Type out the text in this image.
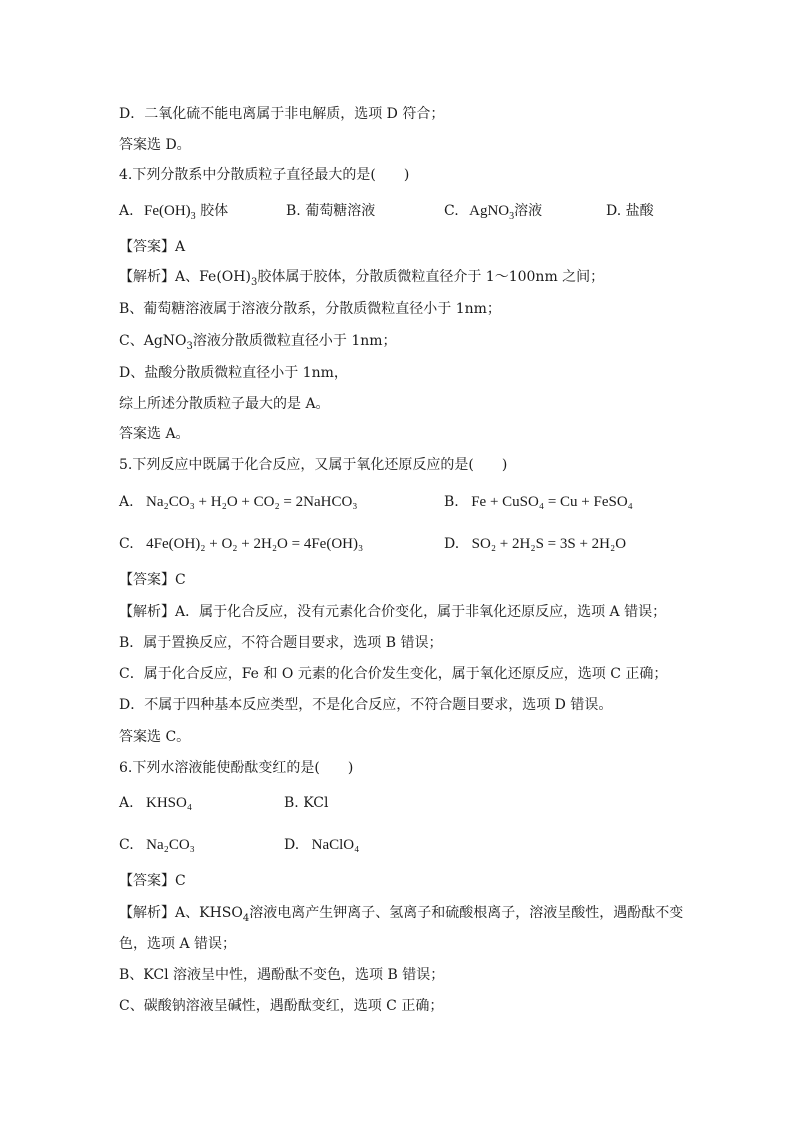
D．二氧化硫不能电离属于非电解质，选项 D 符合；
答案选 D。
4.下列分散系中分散质粒子直径最大的是(　　)
A. $Fe(OH)_3$ 胶体	B. 葡萄糖溶液	C. AgNO$_3$溶液	D. 盐酸
【答案】A
【解析】A、$Fe(OH)_3$胶体属于胶体，分散质微粒直径介于 1～100nm 之间；
B、葡萄糖溶液属于溶液分散系，分散质微粒直径小于 1nm；
C、AgNO$_3$溶液分散质微粒直径小于 1nm；
D、盐酸分散质微粒直径小于 1nm，
综上所述分散质粒子最大的是 A。
答案选 A。
5.下列反应中既属于化合反应，又属于氧化还原反应的是(　　)
A. Na₂CO₃ + H₂O + CO₂ = 2NaHCO₃	B. Fe + CuSO₄ = Cu + FeSO₄
C. 4Fe(OH)₂ + O₂ + 2H₂O = 4Fe(OH)₃	D. SO₂ + 2H₂S = 3S + 2H₂O
【答案】C
【解析】A．属于化合反应，没有元素化合价变化，属于非氧化还原反应，选项 A 错误；
B．属于置换反应，不符合题目要求，选项 B 错误；
C．属于化合反应，Fe 和 O 元素的化合价发生变化，属于氧化还原反应，选项 C 正确；
D．不属于四种基本反应类型，不是化合反应，不符合题目要求，选项 D 错误。
答案选 C。
6.下列水溶液能使酚酞变红的是(　　)
A. KHSO₄	B. KCl
C. Na₂CO₃	D. NaClO₄
【答案】C
【解析】A、$KHSO_4$溶液电离产生钾离子、氢离子和硫酸根离子，溶液呈酸性，遇酚酞不变
色，选项 A 错误；
B、KCl 溶液呈中性，遇酚酞不变色，选项 B 错误；
C、碳酸钠溶液呈碱性，遇酚酞变红，选项 C 正确；
